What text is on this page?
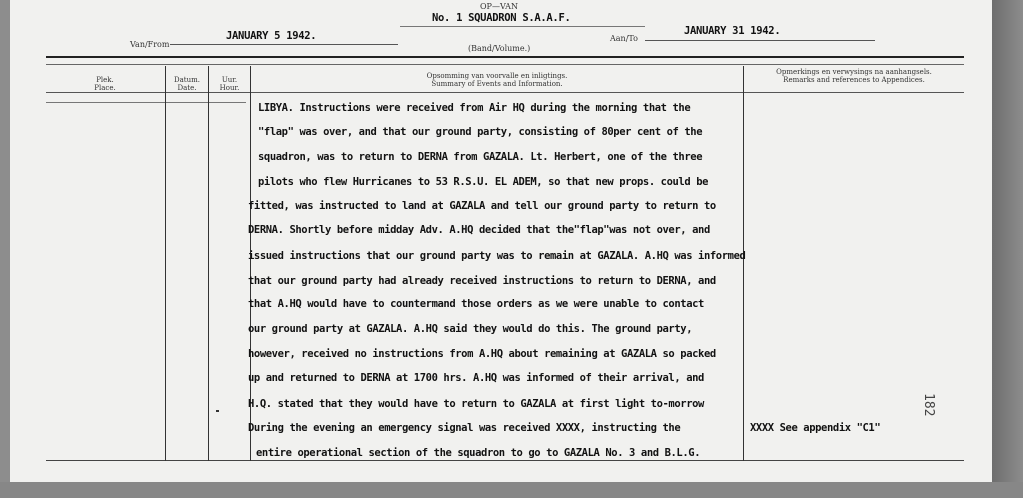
OP—VAN
No. 1 SQUADRON S.A.A.F.
Van/From
JANUARY 5 1942.	Aan/To
JANUARY 31 1942.
(Band/Volume.)
Plek.
Place.
Datum.
Date.
Uur.
Hour.
Opsomming van voorvalle en inligtings.
Summary of Events and Information.
Opmerkings en verwysings na aanhangsels.
Remarks and references to Appendices.
LIBYA. Instructions were received from Air HQ during the morning that the
"flap" was over, and that our ground party, consisting of 80per cent of the
squadron, was to return to DERNA from GAZALA. Lt. Herbert, one of the three
pilots who flew Hurricanes to 53 R.S.U. EL ADEM, so that new props. could be
fitted, was instructed to land at GAZALA and tell our ground party to return to
DERNA. Shortly before midday Adv. A.HQ decided that the"flap"was not over, and
issued instructions that our ground party was to remain at GAZALA. A.HQ was informed
that our ground party had already received instructions to return to DERNA, and
that A.HQ would have to countermand those orders as we were unable to contact
our ground party at GAZALA. A.HQ said they would do this. The ground party,
however, received no instructions from A.HQ about remaining at GAZALA so packed
up and returned to DERNA at 1700 hrs. A.HQ was informed of their arrival, and
H.Q. stated that they would have to return to GAZALA at first light to-morrow
During the evening an emergency signal was received XXXX, instructing the
entire operational section of the squadron to go to GAZALA No. 3 and B.L.G.
XXXX See appendix "C1"
182
